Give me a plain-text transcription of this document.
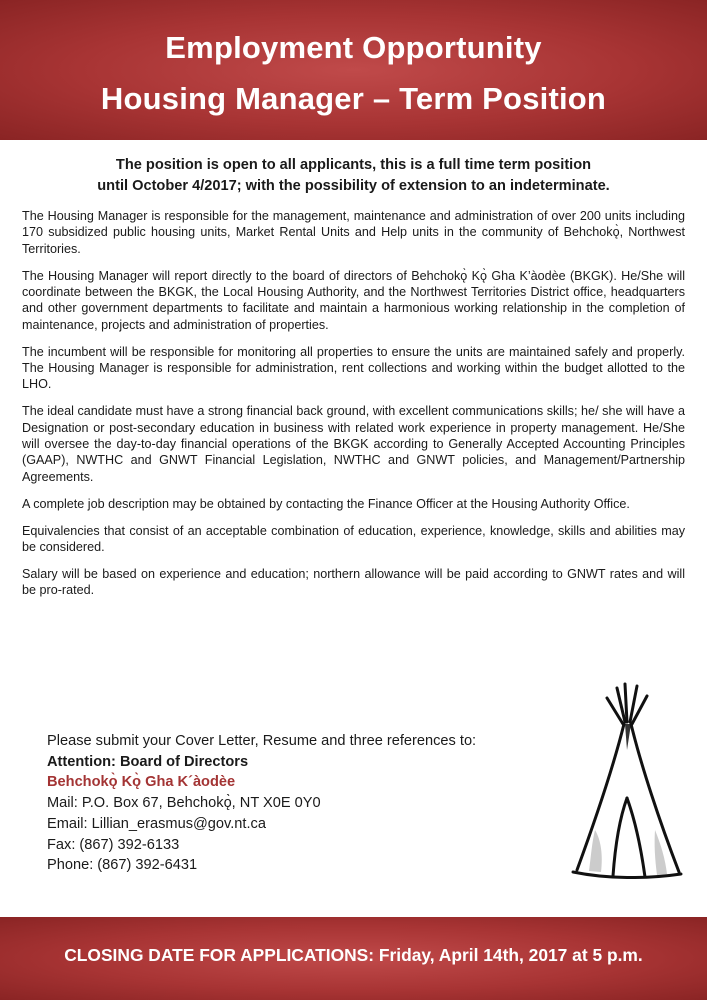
Employment Opportunity
Housing Manager – Term Position
The position is open to all applicants, this is a full time term position
until October 4/2017; with the possibility of extension to an indeterminate.

The Housing Manager is responsible for the management, maintenance and administration of over 200 units including 170 subsidized public housing units, Market Rental Units and Help units in the community of Behchokǫ̀, Northwest Territories.

The Housing Manager will report directly to the board of directors of Behchokǫ̀ Kǫ̀ Gha K’àodèe (BKGK). He/She will coordinate between the BKGK, the Local Housing Authority, and the Northwest Territories District office, headquarters and other government departments to facilitate and maintain a harmonious working relationship in the completion of maintenance, projects and administration of properties.

The incumbent will be responsible for monitoring all properties to ensure the units are maintained safely and properly. The Housing Manager is responsible for administration, rent collections and working within the budget allotted to the LHO.

The ideal candidate must have a strong financial back ground, with excellent communications skills; he/ she will have a Designation or post-secondary education in business with related work experience in property management. He/She will oversee the day-to-day financial operations of the BKGK according to Generally Accepted Accounting Principles (GAAP), NWTHC and GNWT Financial Legislation, NWTHC and GNWT policies, and Management/Partnership Agreements.

A complete job description may be obtained by contacting the Finance Officer at the Housing Authority Office.

Equivalencies that consist of an acceptable combination of education, experience, knowledge, skills and abilities may be considered.

Salary will be based on experience and education; northern allowance will be paid according to GNWT rates and will be pro-rated.

Please submit your Cover Letter, Resume and three references to:
Attention: Board of Directors
Behchokǫ̀ Kǫ̀ Gha K´àodèe
Mail: P.O. Box 67, Behchokǫ̀, NT X0E 0Y0
Email: Lillian_erasmus@gov.nt.ca
Fax: (867) 392-6133
Phone: (867) 392-6431
CLOSING DATE FOR APPLICATIONS: Friday, April 14th, 2017 at 5 p.m.
